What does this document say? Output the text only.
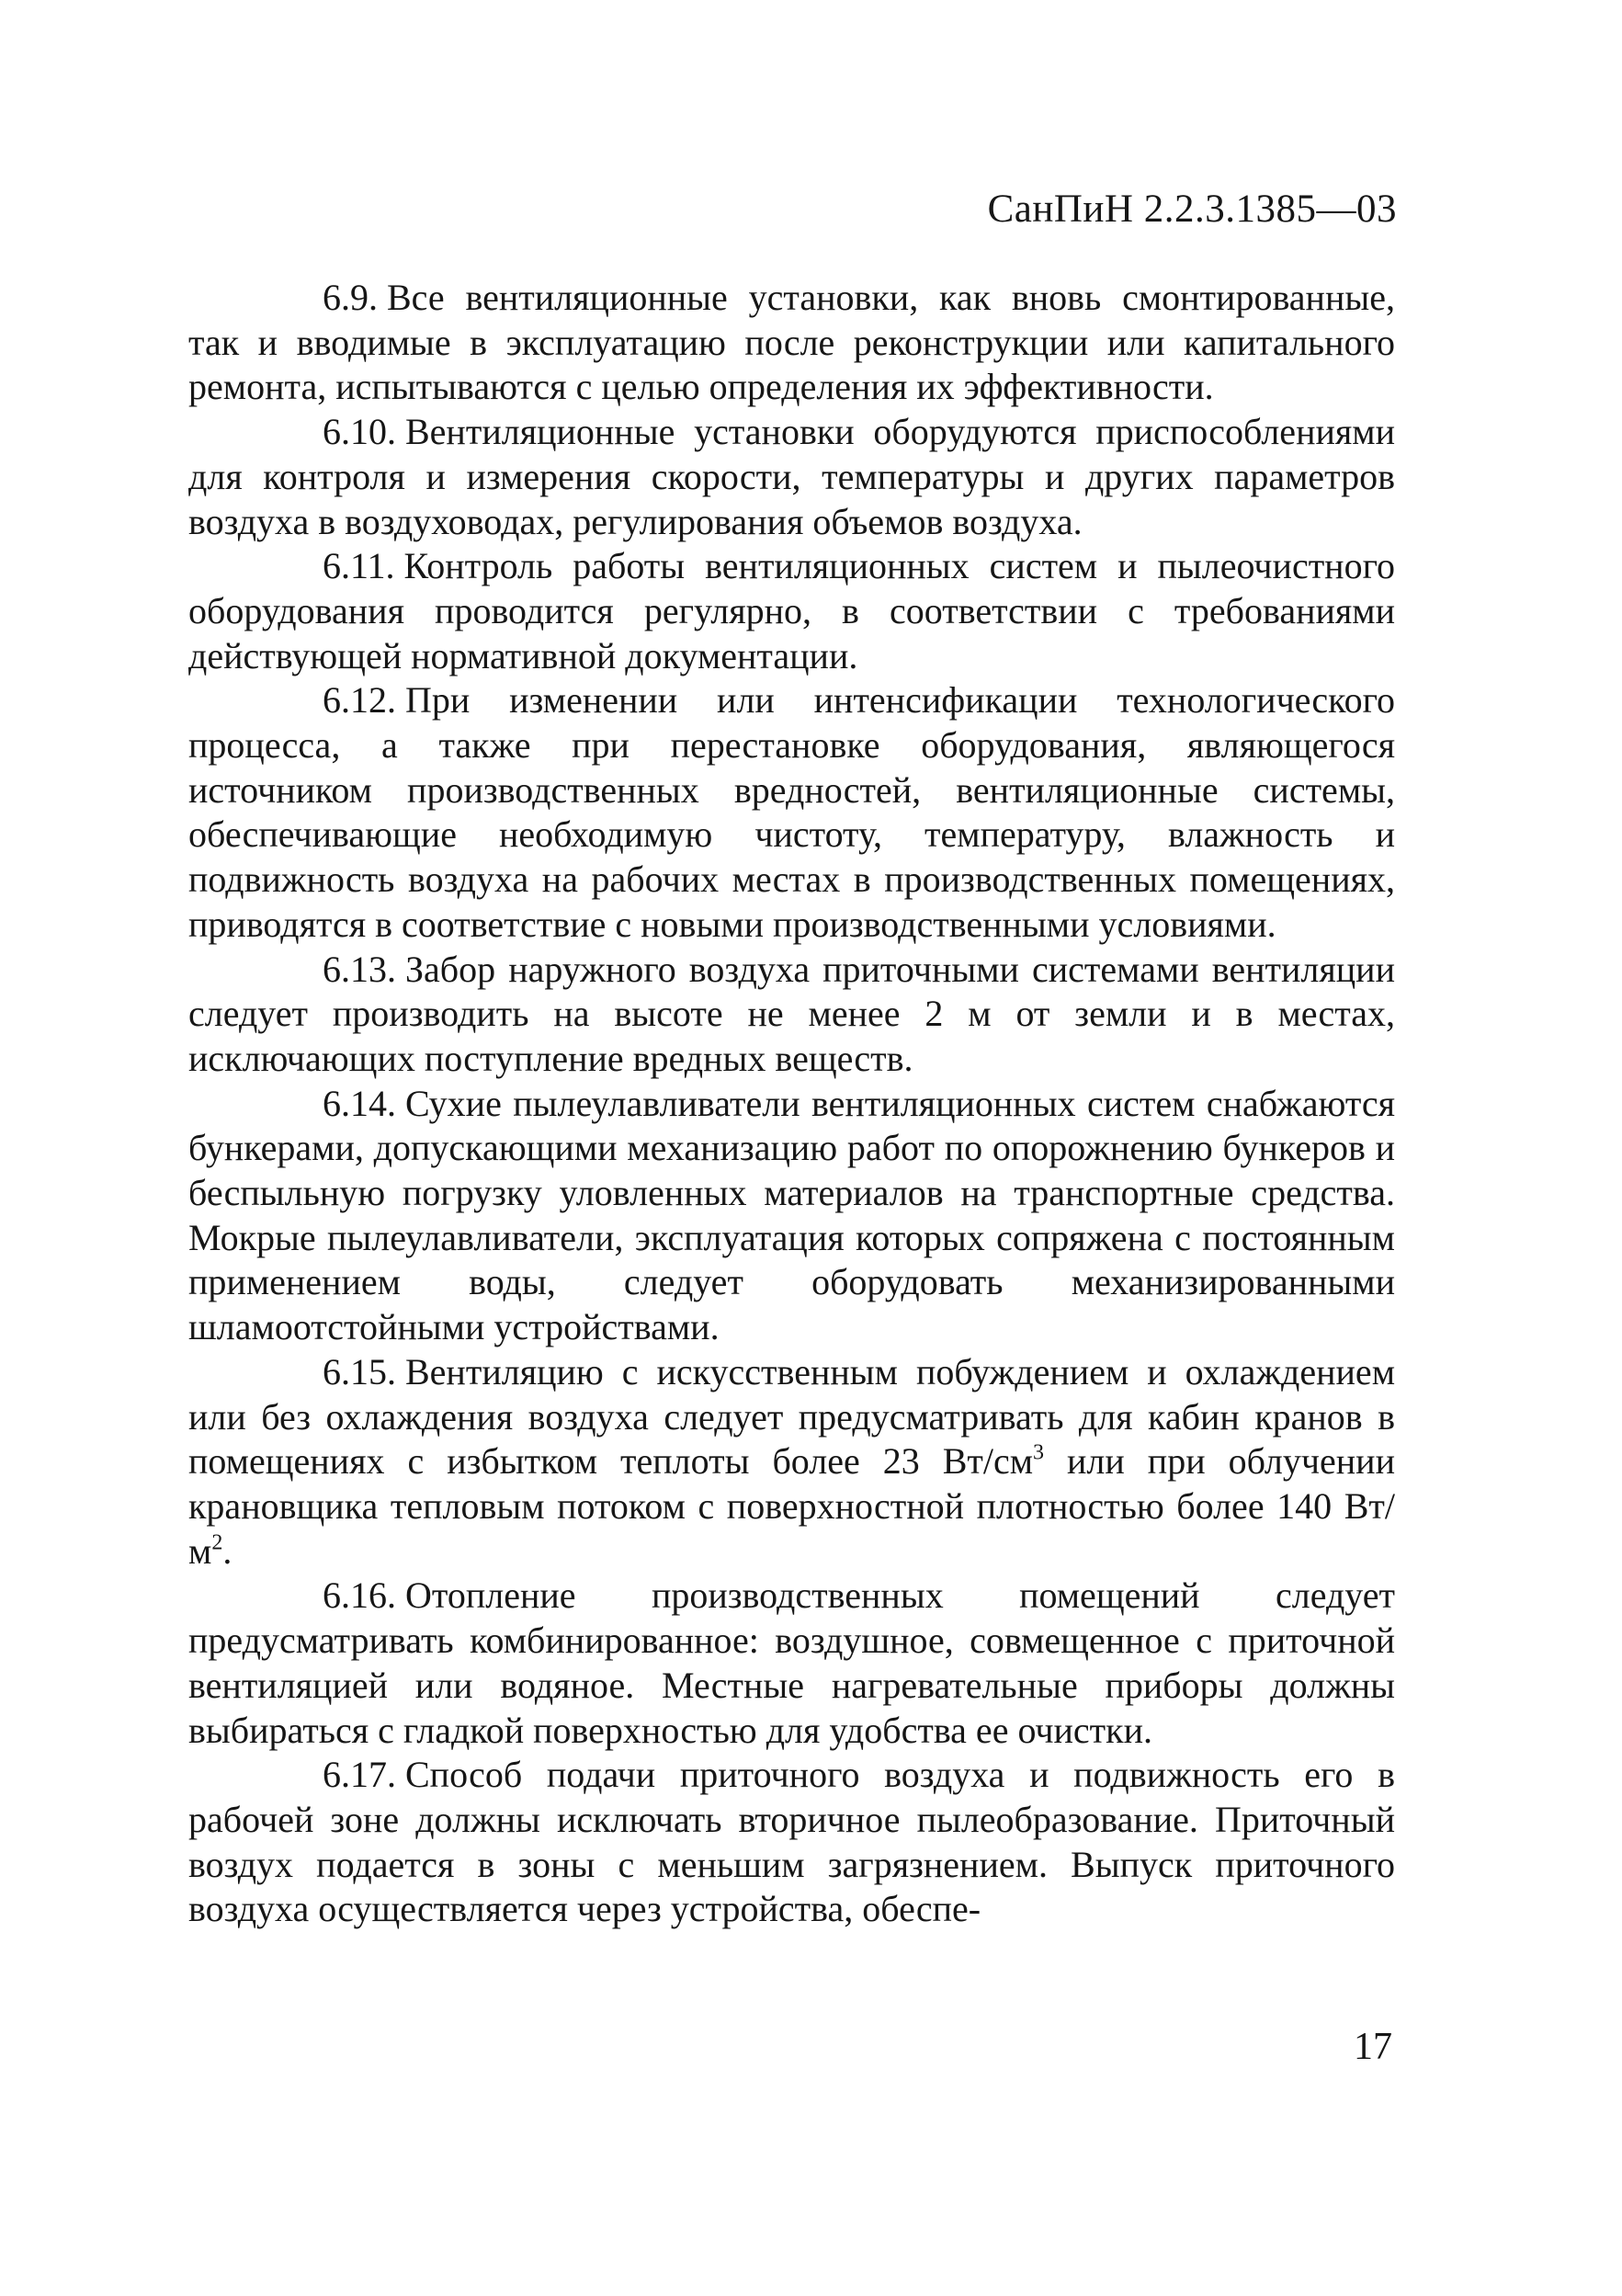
СанПиН 2.2.3.1385—03

6.9. Все вентиляционные установки, как вновь смонтированные, так и вводимые в эксплуатацию после реконструкции или капитального ремонта, испытываются с целью определения их эффективности.

6.10. Вентиляционные установки оборудуются приспособлениями для контроля и измерения скорости, температуры и других параметров воздуха в воздуховодах, регулирования объемов воздуха.

6.11. Контроль работы вентиляционных систем и пылеочистного оборудования проводится регулярно, в соответствии с требованиями действующей нормативной документации.

6.12. При изменении или интенсификации технологического процесса, а также при перестановке оборудования, являющегося источником производственных вредностей, вентиляционные системы, обеспечивающие необходимую чистоту, температуру, влажность и подвижность воздуха на рабочих местах в производственных помещениях, приводятся в соответствие с новыми производственными условиями.

6.13. Забор наружного воздуха приточными системами вентиляции следует производить на высоте не менее 2 м от земли и в местах, исключающих поступление вредных веществ.

6.14. Сухие пылеулавливатели вентиляционных систем снабжаются бункерами, допускающими механизацию работ по опорожнению бункеров и беспыльную погрузку уловленных материалов на транспортные средства. Мокрые пылеулавливатели, эксплуатация которых сопряжена с постоянным применением воды, следует оборудовать механизированными шламоотстойными устройствами.

6.15. Вентиляцию с искусственным побуждением и охлаждением или без охлаждения воздуха следует предусматривать для кабин кранов в помещениях с избытком теплоты более 23 $Вт/см^3$ или при облучении крановщика тепловым потоком с поверхностной плотностью более 140 $Вт/м^2$.

6.16. Отопление производственных помещений следует предусматривать комбинированное: воздушное, совмещенное с приточной вентиляцией или водяное. Местные нагревательные приборы должны выбираться с гладкой поверхностью для удобства ее очистки.

6.17. Способ подачи приточного воздуха и подвижность его в рабочей зоне должны исключать вторичное пылеобразование. Приточный воздух подается в зоны с меньшим загрязнением. Выпуск приточного воздуха осуществляется через устройства, обеспе-

17
